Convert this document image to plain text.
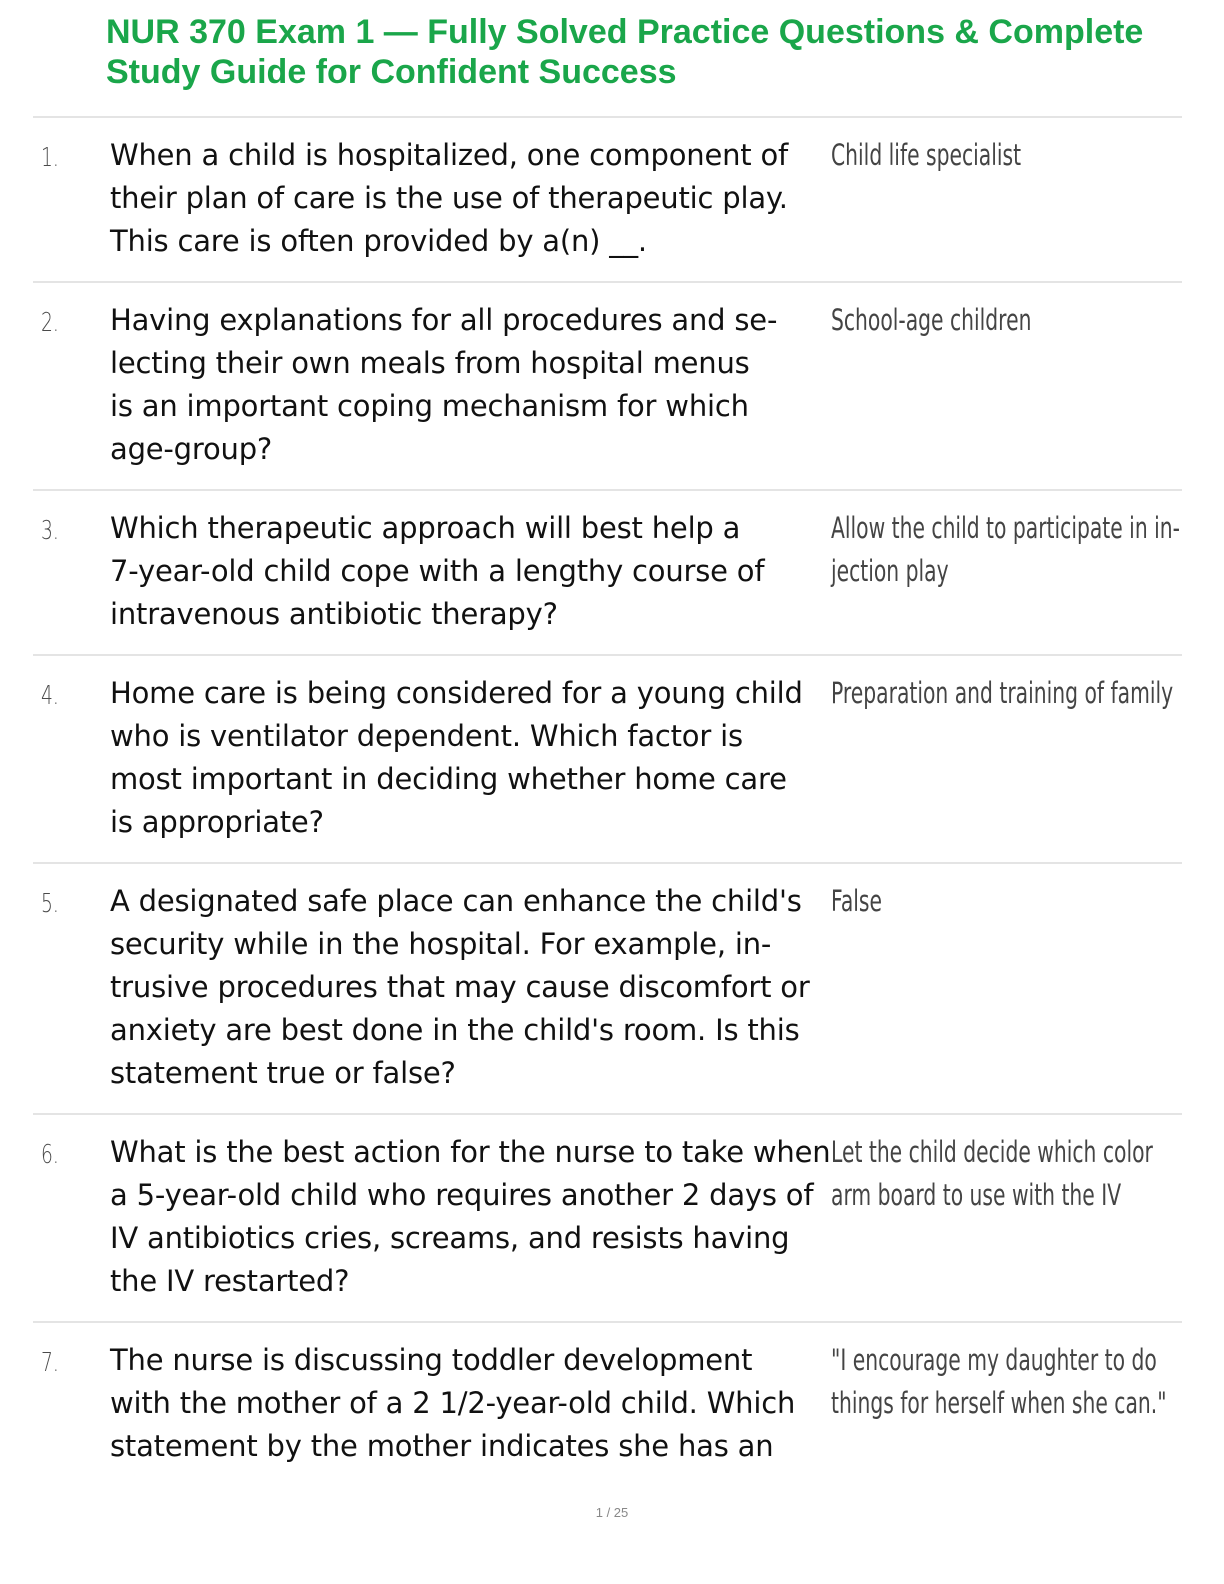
NUR 370 Exam 1 — Fully Solved Practice Questions & Complete
Study Guide for Confident Success
1. When a child is hospitalized, one component of
their plan of care is the use of therapeutic play.
This care is often provided by a(n) __.
Child life specialist
2. Having explanations for all procedures and se-
lecting their own meals from hospital menus
is an important coping mechanism for which
age-group?
School-age children
3. Which therapeutic approach will best help a
7-year-old child cope with a lengthy course of
intravenous antibiotic therapy?
Allow the child to participate in in-
jection play
4. Home care is being considered for a young child
who is ventilator dependent. Which factor is
most important in deciding whether home care
is appropriate?
Preparation and training of family
5. A designated safe place can enhance the child's
security while in the hospital. For example, in-
trusive procedures that may cause discomfort or
anxiety are best done in the child's room. Is this
statement true or false?
False
6. What is the best action for the nurse to take when
a 5-year-old child who requires another 2 days of
IV antibiotics cries, screams, and resists having
the IV restarted?
Let the child decide which color
arm board to use with the IV
7. The nurse is discussing toddler development
with the mother of a 2 1/2-year-old child. Which
statement by the mother indicates she has an
"I encourage my daughter to do
things for herself when she can."
1 / 25
